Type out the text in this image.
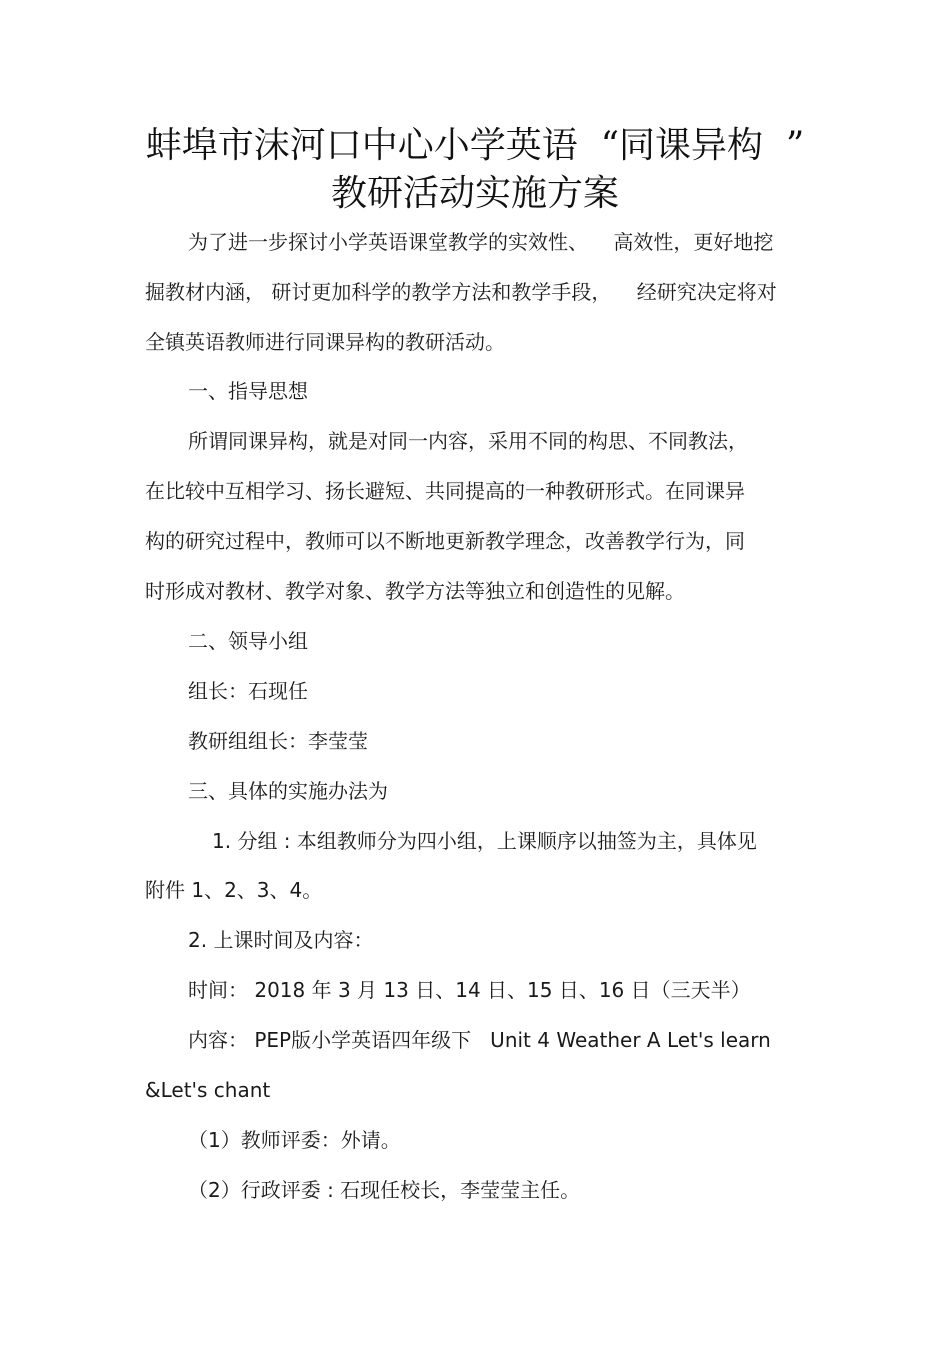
蚌埠市沫河口中心小学英语  “同课异构  ”
教研活动实施方案
为了进一步探讨小学英语课堂教学的实效性、    高效性，更好地挖
掘教材内涵， 研讨更加科学的教学方法和教学手段，    经研究决定将对
全镇英语教师进行同课异构的教研活动。
一、指导思想
所谓同课异构，就是对同一内容，采用不同的构思、不同教法，
在比较中互相学习、扬长避短、共同提高的一种教研形式。在同课异
构的研究过程中，教师可以不断地更新教学理念，改善教学行为，同
时形成对教材、教学对象、教学方法等独立和创造性的见解。
二、领导小组
组长：石现任
教研组组长：李莹莹
三、具体的实施办法为
1. 分组 : 本组教师分为四小组，上课顺序以抽签为主，具体见
附件 1、2、3、4。
2. 上课时间及内容：
时间： 2018 年 3 月 13 日、14 日、15 日、16 日（三天半）
内容： PEP版小学英语四年级下   Unit 4 Weather A Let's learn
&Let's chant
（1）教师评委：外请。
（2）行政评委 : 石现任校长，李莹莹主任。
